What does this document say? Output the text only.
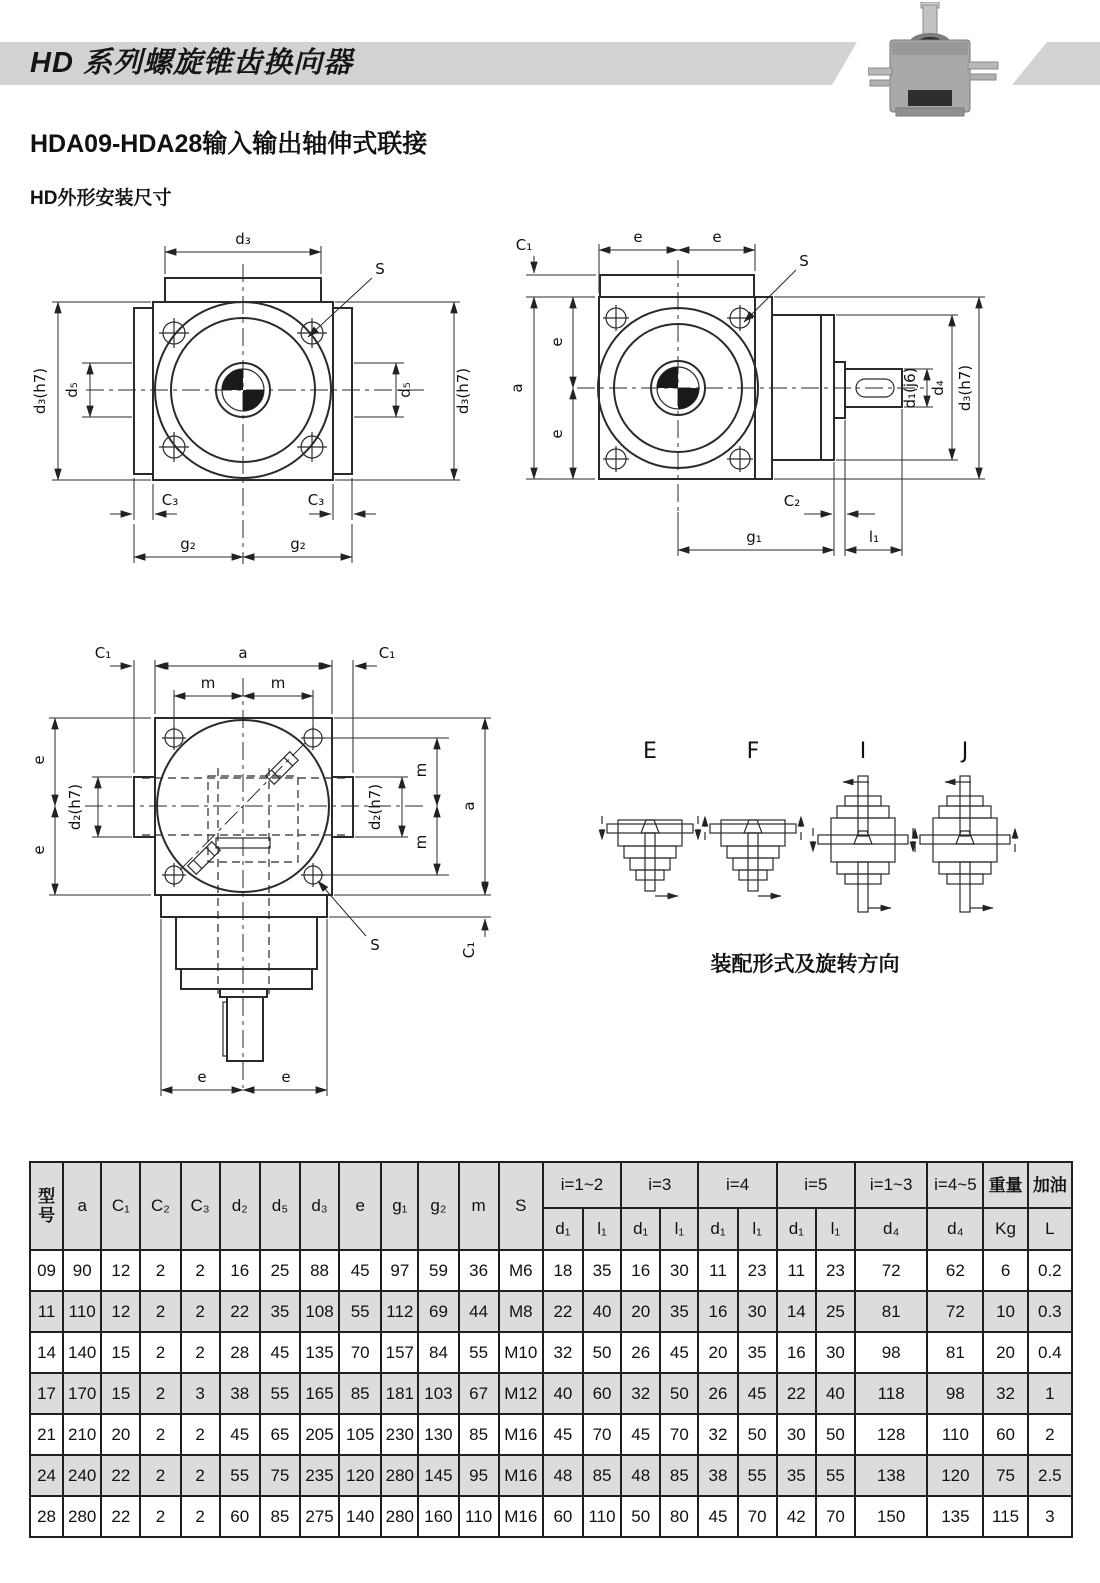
HD 系列螺旋锥齿换向器
HDA09-HDA28输入输出轴伸式联接
HD外形安装尺寸
d₃
S
d₃(h7) d₅	d₅	d₃(h7)
C₃	C₃
g₂	g₂
e	e
C₁
a
e
e
S
d₁(j6) d₄ d₃(h7)
C₂
g₁	l₁
C₁	a	C₁
m	m
e
e
d₂(h7)	d₂(h7)
m
m
a
C₁
S
e	e
E	F	I	J

装配形式及旋转方向

型号	a	C₁	C₂	C₃	d₂	d₅	d₃	e	g₁	g₂	m	S	i=1~2		i=3		i=4		i=5		i=1~3	i=4~5	重量	加油
													d₁	l₁	d₁	l₁	d₁	l₁	d₁	l₁	d₄	d₄	Kg	L
09	90	12	2	2	16	25	88	45	97	59	36	M6	18	35	16	30	11	23	11	23	72	62	6	0.2
11	110	12	2	2	22	35	108	55	112	69	44	M8	22	40	20	35	16	30	14	25	81	72	10	0.3
14	140	15	2	2	28	45	135	70	157	84	55	M10	32	50	26	45	20	35	16	30	98	81	20	0.4
17	170	15	2	3	38	55	165	85	181	103	67	M12	40	60	32	50	26	45	22	40	118	98	32	1
21	210	20	2	2	45	65	205	105	230	130	85	M16	45	70	45	70	32	50	30	50	128	110	60	2
24	240	22	2	2	55	75	235	120	280	145	95	M16	48	85	48	85	38	55	35	55	138	120	75	2.5
28	280	22	2	2	60	85	275	140	280	160	110	M16	60	110	50	80	45	70	42	70	150	135	115	3
